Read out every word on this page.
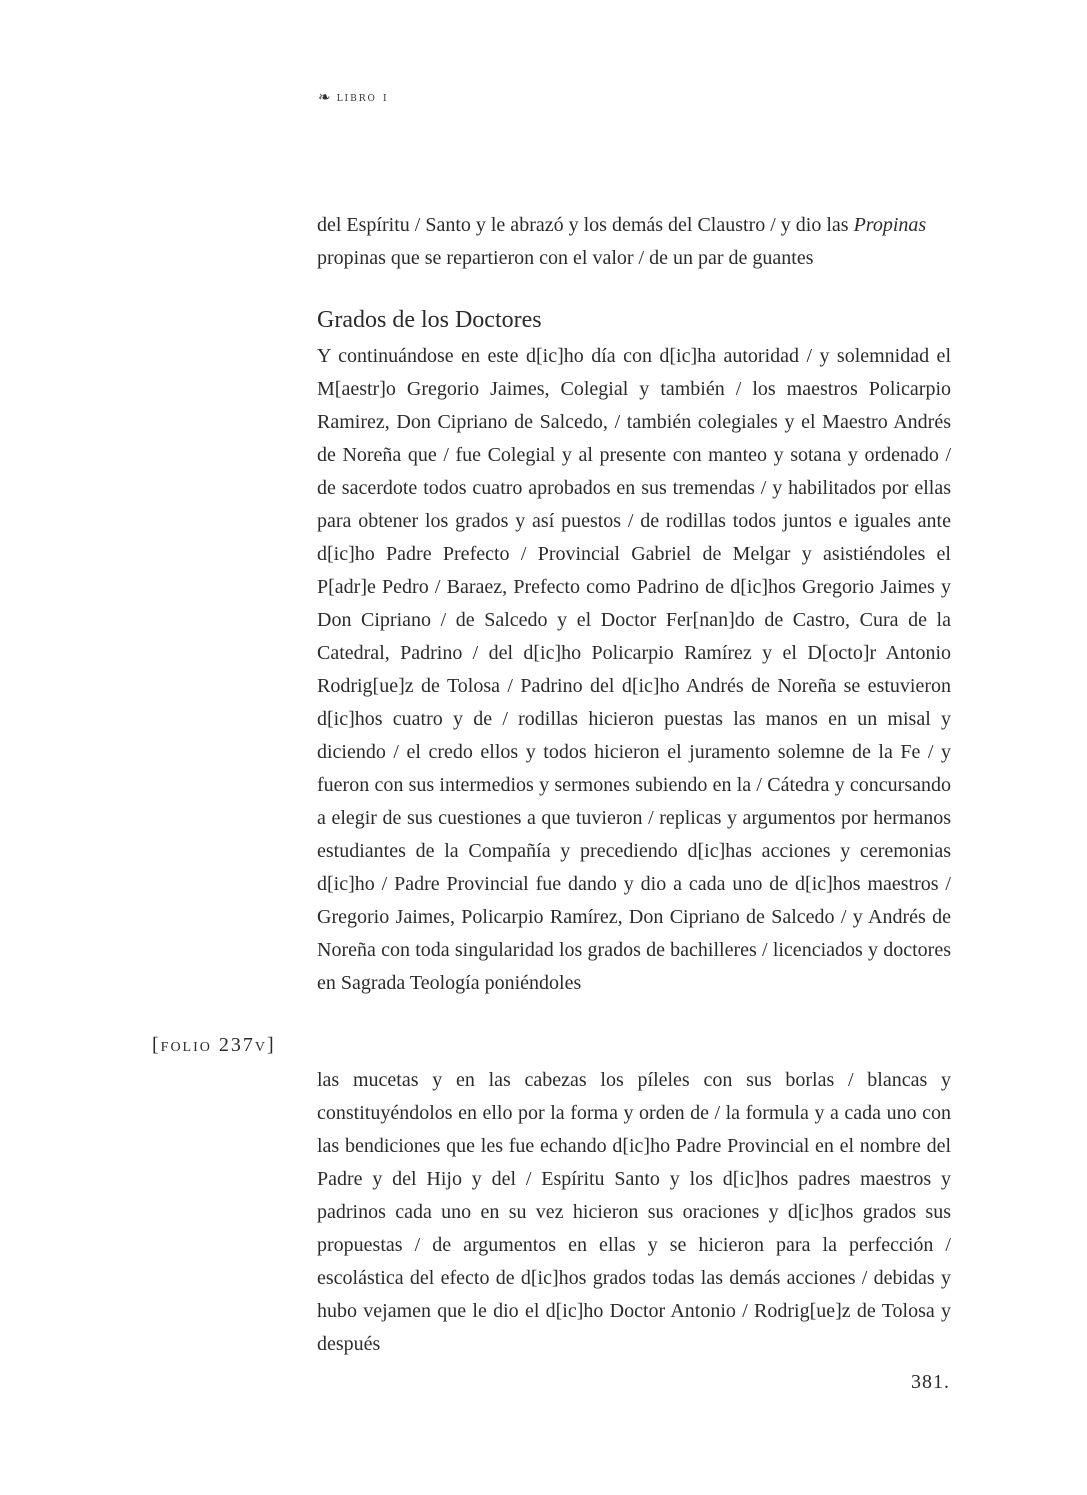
❧ libro i

del Espíritu / Santo y le abrazó y los demás del Claustro / y dio las Propinas propinas que se repartieron con el valor / de un par de guantes

Grados de los Doctores

Y continuándose en este d[ic]ho día con d[ic]ha autoridad / y solemnidad el M[aestr]o Gregorio Jaimes, Colegial y también / los maestros Policarpio Ramirez, Don Cipriano de Salcedo, / también colegiales y el Maestro Andrés de Noreña que / fue Colegial y al presente con manteo y sotana y ordenado / de sacerdote todos cuatro aprobados en sus tremendas / y habilitados por ellas para obtener los grados y así puestos / de rodillas todos juntos e iguales ante d[ic]ho Padre Prefecto / Provincial Gabriel de Melgar y asistiéndoles el P[adr]e Pedro / Baraez, Prefecto como Padrino de d[ic]hos Gregorio Jaimes y Don Cipriano / de Salcedo y el Doctor Fer[nan]do de Castro, Cura de la Catedral, Padrino / del d[ic]ho Policarpio Ramírez y el D[octo]r Antonio Rodrig[ue]z de Tolosa / Padrino del d[ic]ho Andrés de Noreña se estuvieron d[ic]hos cuatro y de / rodillas hicieron puestas las manos en un misal y diciendo / el credo ellos y todos hicieron el juramento solemne de la Fe / y fueron con sus intermedios y sermones subiendo en la / Cátedra y concursando a elegir de sus cuestiones a que tuvieron / replicas y argumentos por hermanos estudiantes de la Compañía y precediendo d[ic]has acciones y ceremonias d[ic]ho / Padre Provincial fue dando y dio a cada uno de d[ic]hos maestros / Gregorio Jaimes, Policarpio Ramírez, Don Cipriano de Salcedo / y Andrés de Noreña con toda singularidad los grados de bachilleres / licenciados y doctores en Sagrada Teología poniéndoles

[folio 237v]

las mucetas y en las cabezas los píleles con sus borlas / blancas y constituyéndolos en ello por la forma y orden de / la formula y a cada uno con las bendiciones que les fue echando d[ic]ho Padre Provincial en el nombre del Padre y del Hijo y del / Espíritu Santo y los d[ic]hos padres maestros y padrinos cada uno en su vez hicieron sus oraciones y d[ic]hos grados sus propuestas / de argumentos en ellas y se hicieron para la perfección / escolástica del efecto de d[ic]hos grados todas las demás acciones / debidas y hubo vejamen que le dio el d[ic]ho Doctor Antonio / Rodrig[ue]z de Tolosa y después

381.
